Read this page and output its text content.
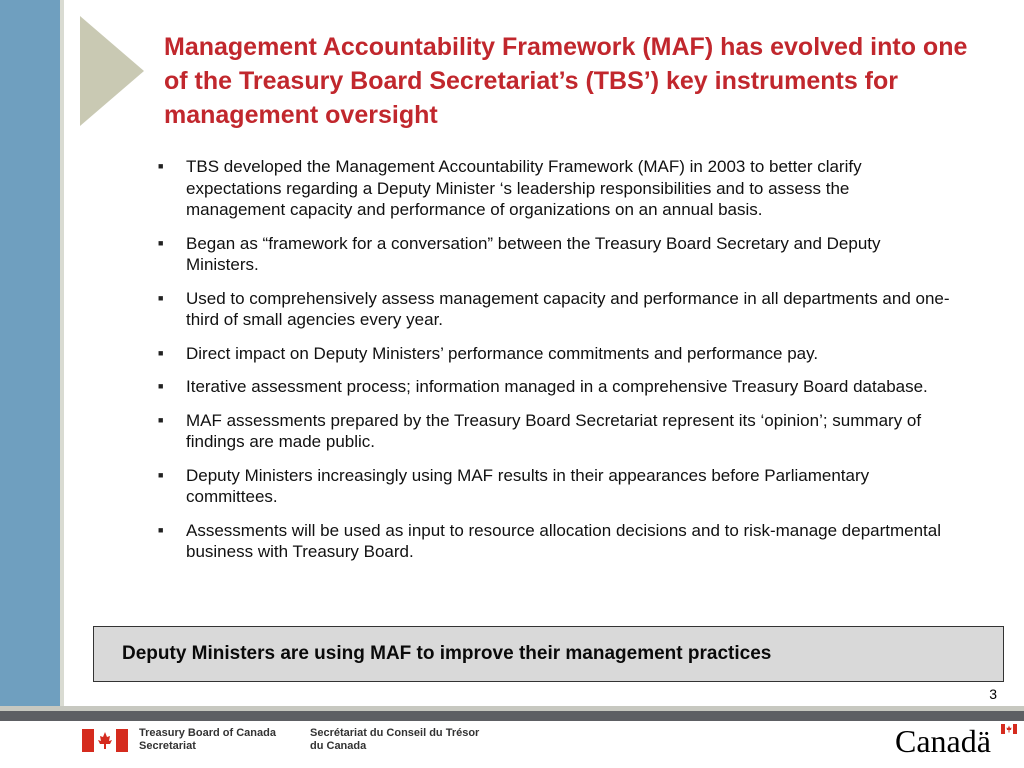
Management Accountability Framework (MAF) has evolved into one of the Treasury Board Secretariat’s (TBS’) key instruments for management oversight
■ TBS developed the Management Accountability Framework (MAF) in 2003 to better clarify expectations regarding a Deputy Minister ‘s leadership responsibilities and to assess the management capacity and performance of organizations on an annual basis.
■ Began as “framework for a conversation” between the Treasury Board Secretary and Deputy Ministers.
■ Used to comprehensively assess management capacity and performance in all departments and one-third of small agencies every year.
■ Direct impact on Deputy Ministers’ performance commitments and performance pay.
■ Iterative assessment process; information managed in a comprehensive Treasury Board database.
■ MAF assessments prepared by the Treasury Board Secretariat represent its ‘opinion’; summary of findings are made public.
■ Deputy Ministers increasingly using MAF results in their appearances before Parliamentary committees.
■ Assessments will be used as input to resource allocation decisions and to risk-manage departmental business with Treasury Board.
Deputy Ministers are using MAF to improve their management practices
3
Treasury Board of Canada
Secretariat
Secrétariat du Conseil du Trésor
du Canada	Canadä
